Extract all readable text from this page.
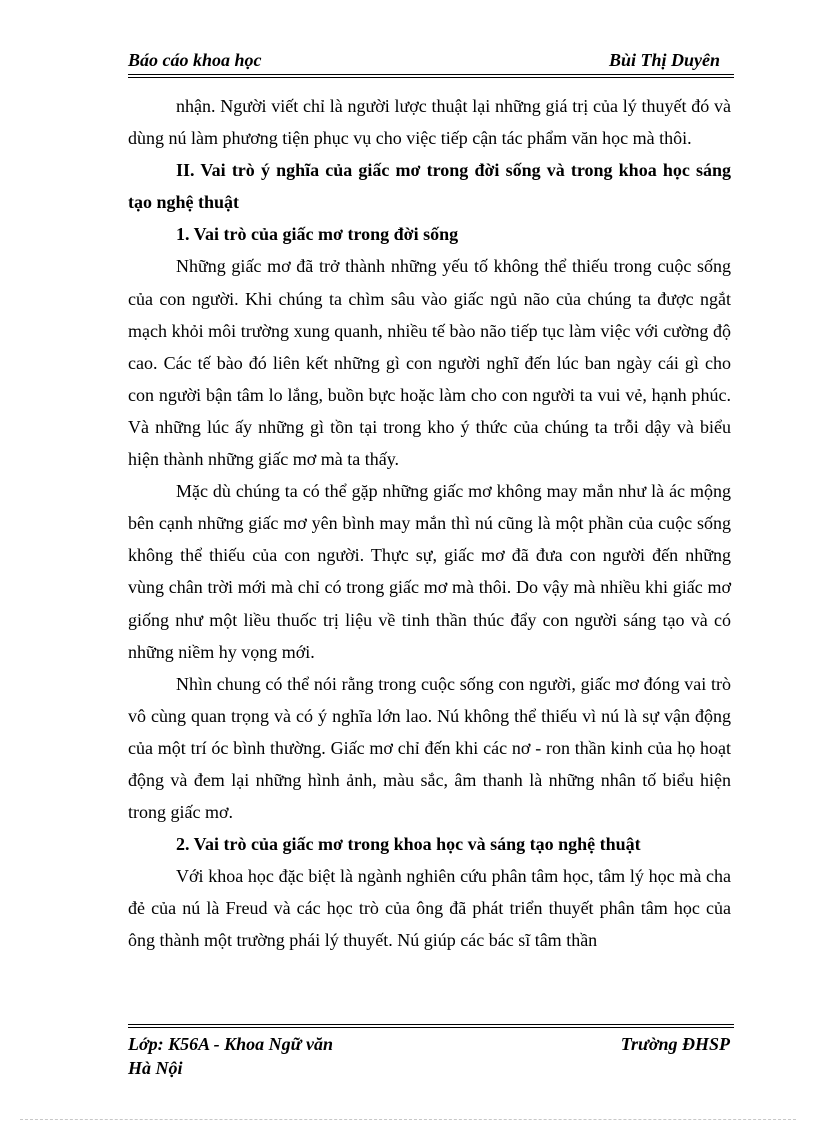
Báo cáo khoa học	Bùi Thị Duyên

nhận. Người viết chỉ là người lược thuật lại những giá trị của lý thuyết đó và dùng nú làm phương tiện phục vụ cho việc tiếp cận tác phẩm văn học mà thôi.

II. Vai trò ý nghĩa của giấc mơ trong đời sống và trong khoa học sáng tạo nghệ thuật

1. Vai trò của giấc mơ trong đời sống

Những giấc mơ đã trở thành những yếu tố không thể thiếu trong cuộc sống của con người. Khi chúng ta chìm sâu vào giấc ngủ não của chúng ta được ngắt mạch khỏi môi trường xung quanh, nhiều tế bào não tiếp tục làm việc với cường độ cao. Các tế bào đó liên kết những gì con người nghĩ đến lúc ban ngày cái gì cho con người bận tâm lo lắng, buồn bực hoặc làm cho con người ta vui vẻ, hạnh phúc. Và những lúc ấy những gì tồn tại trong kho ý thức của chúng ta trỗi dậy và biểu hiện thành những giấc mơ mà ta thấy.

Mặc dù chúng ta có thể gặp những giấc mơ không may mắn như là ác mộng bên cạnh những giấc mơ yên bình may mắn thì nú cũng là một phần của cuộc sống không thể thiếu của con người. Thực sự, giấc mơ đã đưa con người đến những vùng chân trời mới mà chỉ có trong giấc mơ mà thôi. Do vậy mà nhiều khi giấc mơ giống như một liều thuốc trị liệu về tinh thần thúc đẩy con người sáng tạo và có những niềm hy vọng mới.

Nhìn chung có thể nói rằng trong cuộc sống con người, giấc mơ đóng vai trò vô cùng quan trọng và có ý nghĩa lớn lao. Nú không thể thiếu vì nú là sự vận động của một trí óc bình thường. Giấc mơ chỉ đến khi các nơ - ron thần kinh của họ hoạt động và đem lại những hình ảnh, màu sắc, âm thanh là những nhân tố biểu hiện trong giấc mơ.

2. Vai trò của giấc mơ trong khoa học và sáng tạo nghệ thuật

Với khoa học đặc biệt là ngành nghiên cứu phân tâm học, tâm lý học mà cha đẻ của nú là Freud và các học trò của ông đã phát triển thuyết phân tâm học của ông thành một trường phái lý thuyết. Nú giúp các bác sĩ tâm thần

Lớp: K56A - Khoa Ngữ văn
Hà Nội
Trường ĐHSP
